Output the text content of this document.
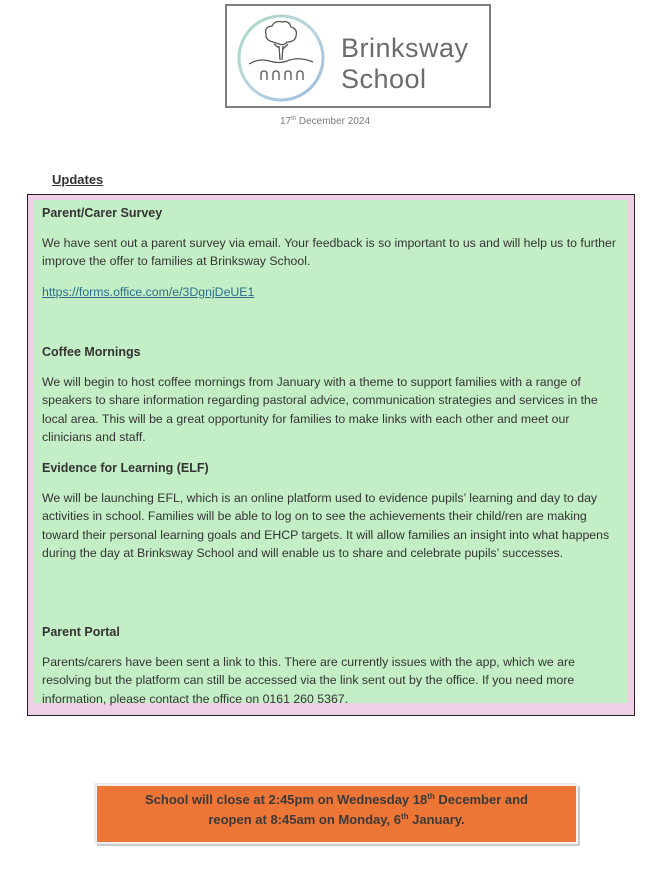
Brinksway
School
17th December 2024
Updates
Parent/Carer Survey
We have sent out a parent survey via email. Your feedback is so important to us and will help us to further improve the offer to families at Brinksway School.
https://forms.office.com/e/3DgnjDeUE1
Coffee Mornings
We will begin to host coffee mornings from January with a theme to support families with a range of speakers to share information regarding pastoral advice, communication strategies and services in the local area. This will be a great opportunity for families to make links with each other and meet our clinicians and staff.
Evidence for Learning (ELF)
We will be launching EFL, which is an online platform used to evidence pupils’ learning and day to day activities in school. Families will be able to log on to see the achievements their child/ren are making toward their personal learning goals and EHCP targets. It will allow families an insight into what happens during the day at Brinksway School and will enable us to share and celebrate pupils’ successes.
Parent Portal
Parents/carers have been sent a link to this. There are currently issues with the app, which we are resolving but the platform can still be accessed via the link sent out by the office. If you need more information, please contact the office on 0161 260 5367.
School will close at 2:45pm on Wednesday 18th December and
reopen at 8:45am on Monday, 6th January.
